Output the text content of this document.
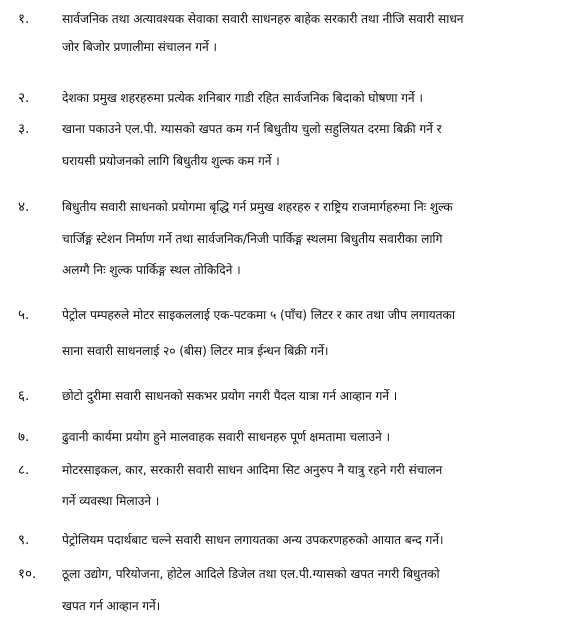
१.	सार्वजनिक तथा अत्यावश्यक सेवाका सवारी साधनहरु बाहेक सरकारी तथा नीजि सवारी साधन
जोर बिजोर प्रणालीमा संचालन गर्ने ।
२.	देशका प्रमुख शहरहरुमा प्रत्येक शनिबार गाडी रहित सार्वजनिक बिदाको घोषणा गर्ने ।
३.	खाना पकाउने एल.पी. ग्यासको खपत कम गर्न बिधुतीय चुलो सहुलियत दरमा बिक्री गर्ने र
घरायसी प्रयोजनको लागि बिधुतीय शुल्क कम गर्ने ।
४.	बिधुतीय सवारी साधनको प्रयोगमा बृद्धि गर्न प्रमुख शहरहरु र राष्ट्रिय राजमार्गहरुमा निः शुल्क
चार्जिङ्ग स्टेशन निर्माण गर्ने तथा सार्वजनिक/निजी पार्किङ्ग स्थलमा बिधुतीय सवारीका लागि
अलग्गै निः शुल्क पार्किङ्ग स्थल तोकिदिने ।
५.	पेट्रोल पम्पहरुले मोटर साइकललाई एक-पटकमा ५ (पाँच) लिटर र कार तथा जीप लगायतका
साना सवारी साधनलाई २० (बीस) लिटर मात्र ईन्धन बिक्री गर्ने।
६.	छोटो दुरीमा सवारी साधनको सकभर प्रयोग नगरी पैदल यात्रा गर्न आव्हान गर्ने ।
७.	ढुवानी कार्यमा प्रयोग हुने मालवाहक सवारी साधनहरु पूर्ण क्षमतामा चलाउने ।
८.	मोटरसाइकल, कार, सरकारी सवारी साधन आदिमा सिट अनुरुप नै यात्रु रहने गरी संचालन
गर्ने व्यवस्था मिलाउने ।
९.	पेट्रोलियम पदार्थबाट चल्ने सवारी साधन लगायतका अन्य उपकरणहरुको आयात बन्द गर्ने।
१०.	ठूला उद्योग, परियोजना, होटेल आदिले डिजेल तथा एल.पी.ग्यासको खपत नगरी बिधुतको
खपत गर्न आव्हान गर्ने।
